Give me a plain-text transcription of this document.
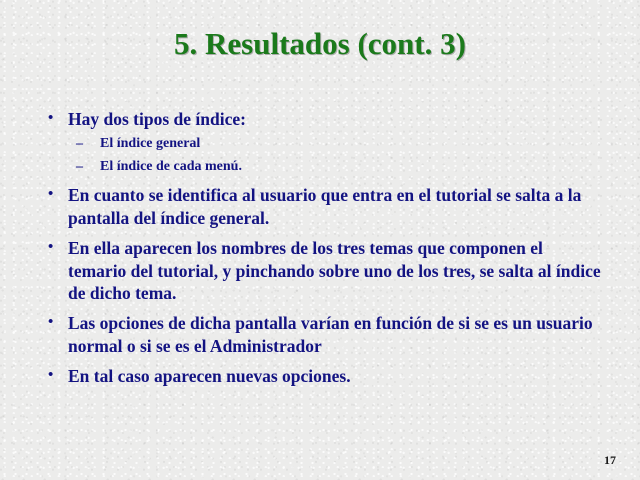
5. Resultados (cont. 3)
• Hay dos tipos de índice:
– El índice general
– El índice de cada menú.
• En cuanto se identifica al usuario que entra en el tutorial se salta a la pantalla del índice general.
• En ella aparecen los nombres de los tres temas que componen el temario del tutorial, y pinchando sobre uno de los tres, se salta al índice de dicho tema.
• Las opciones de dicha pantalla varían en función de si se es un usuario normal o si se es el Administrador
• En tal caso aparecen nuevas opciones.
17
